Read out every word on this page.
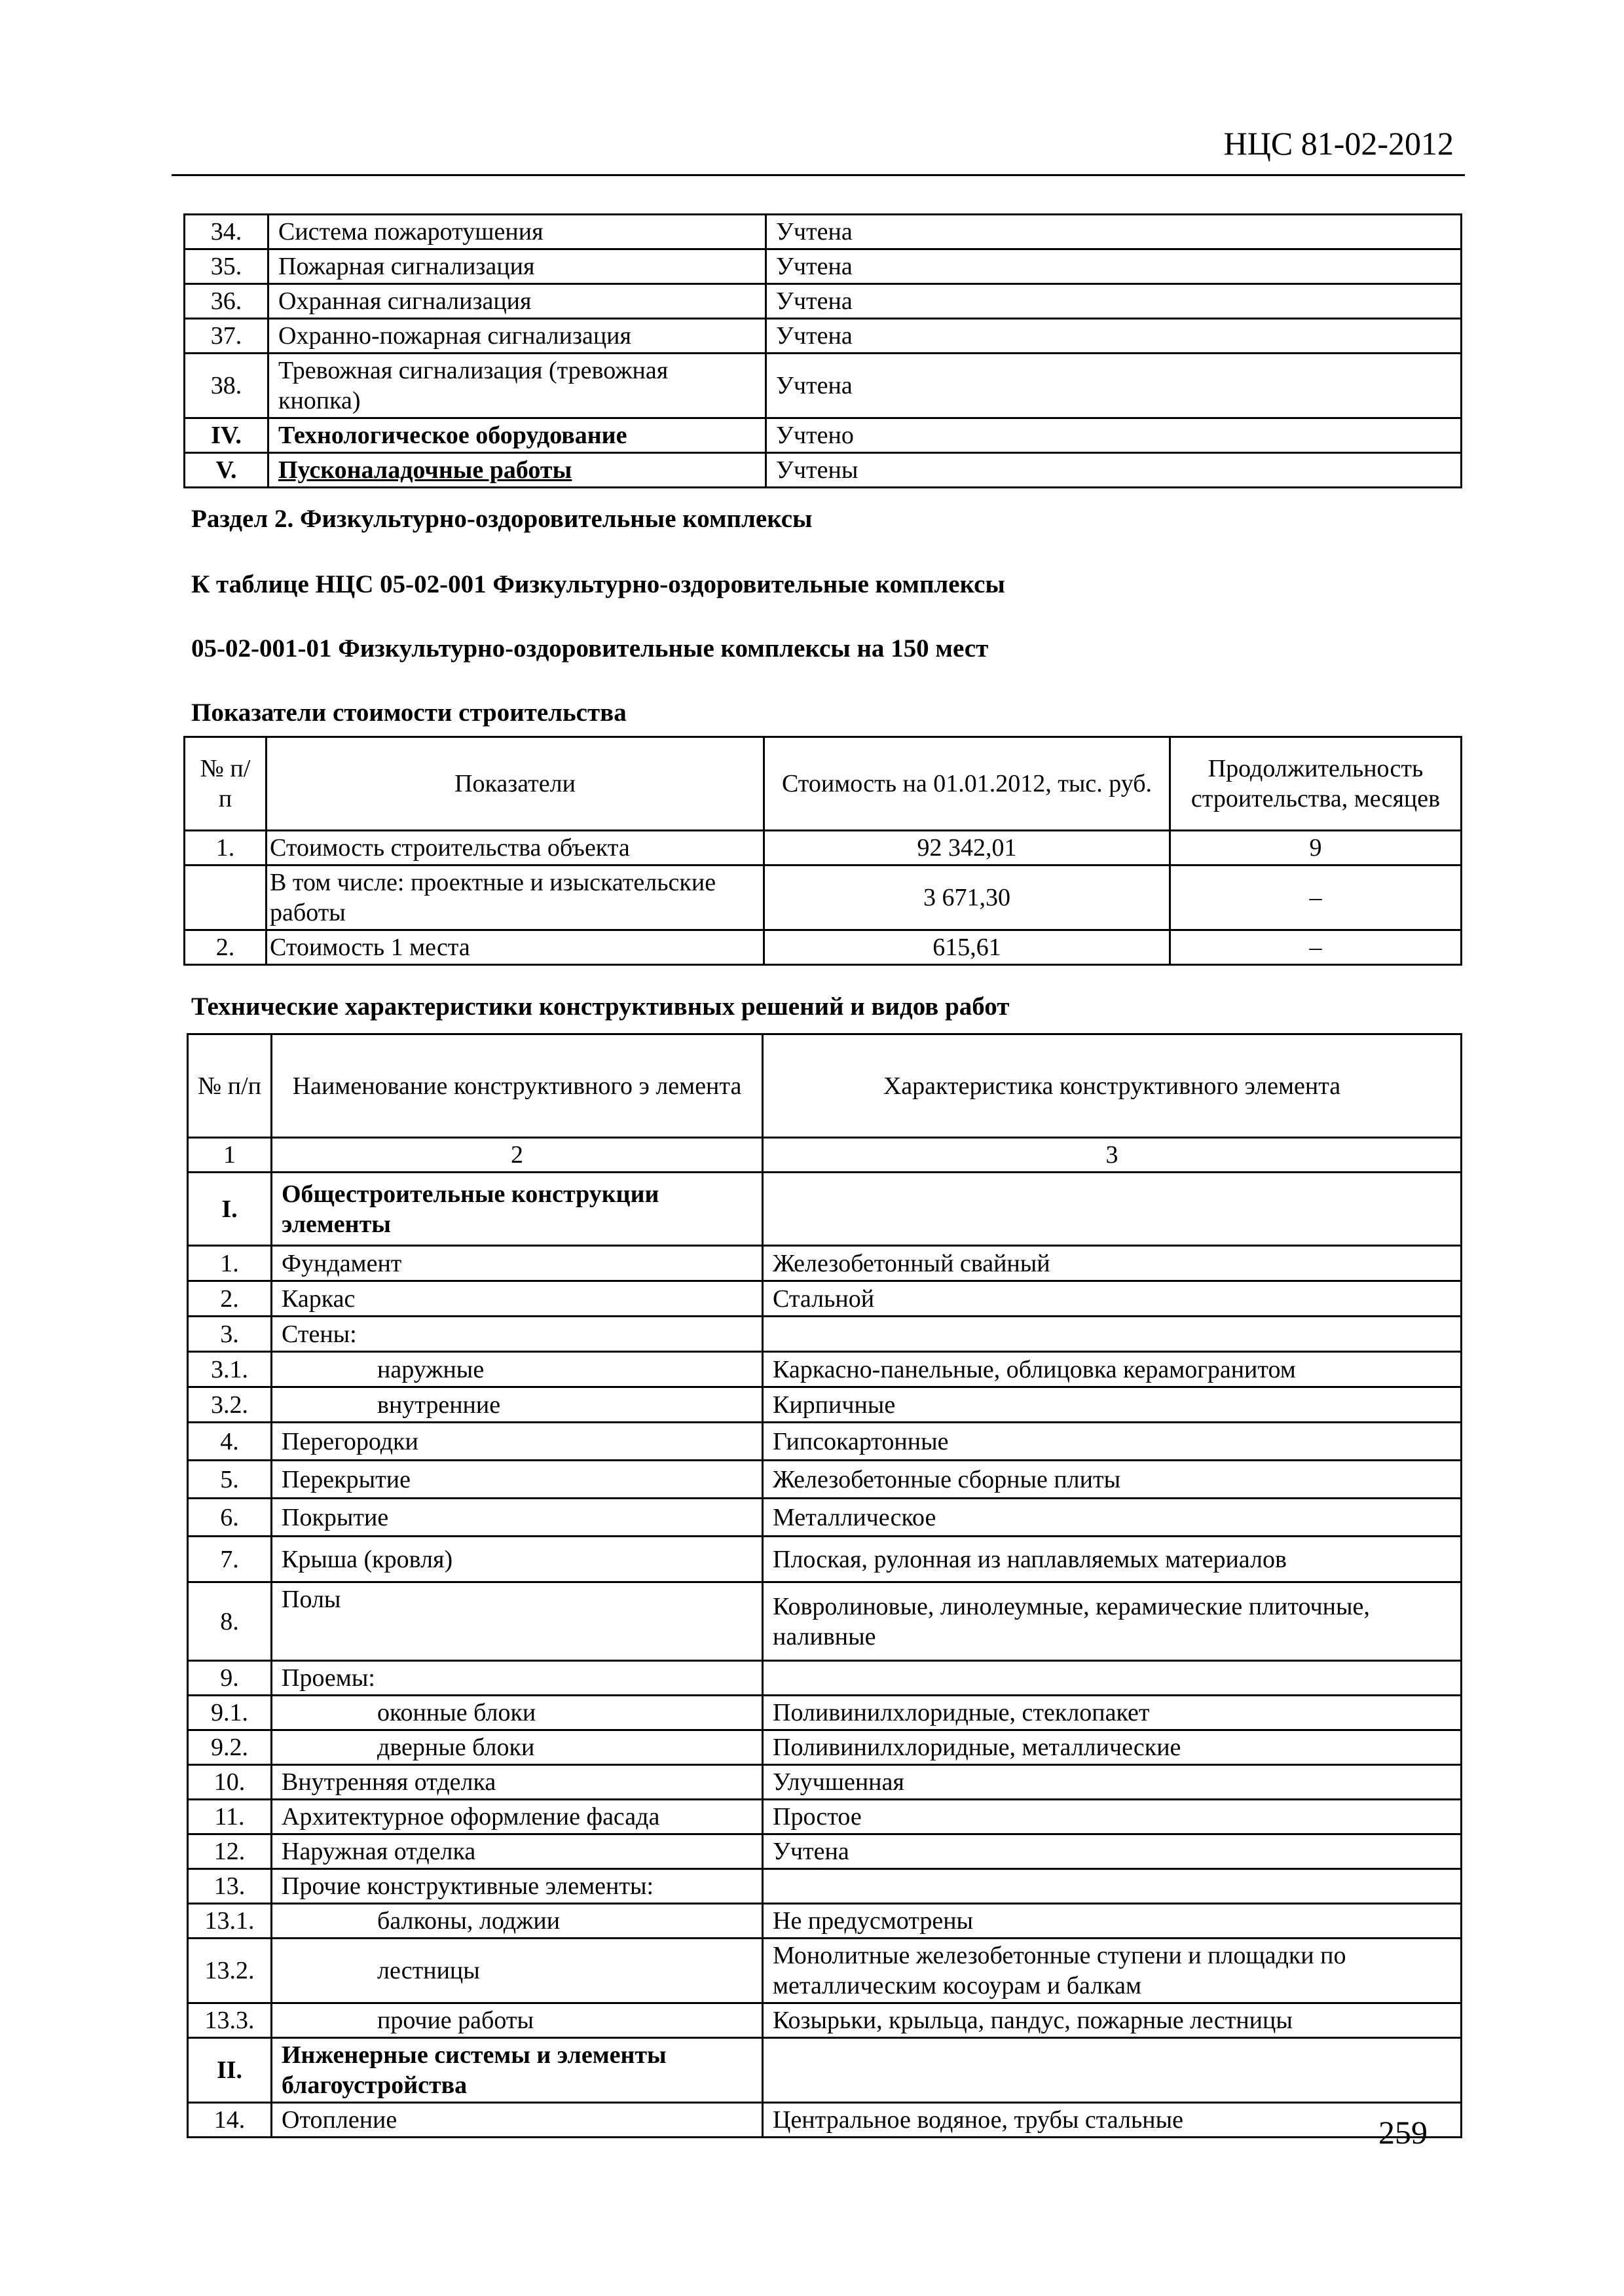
НЦС 81-02-2012
34.	Система пожаротушения	Учтена
35.	Пожарная сигнализация	Учтена
36.	Охранная сигнализация	Учтена
37.	Охранно-пожарная сигнализация	Учтена
38.	Тревожная сигнализация (тревожная кнопка)	Учтена
IV.	Технологическое оборудование	Учтено
V.	Пусконаладочные работы	Учтены
Раздел 2. Физкультурно-оздоровительные комплексы
К таблице НЦС 05-02-001 Физкультурно-оздоровительные комплексы
05-02-001-01 Физкультурно-оздоровительные комплексы на 150 мест
Показатели стоимости строительства
№ п/п	Показатели	Стоимость на 01.01.2012, тыс. руб.	Продолжительность строительства, месяцев
1.	Стоимость строительства объекта	92 342,01	9
	В том числе: проектные и изыскательские работы	3 671,30	–
2.	Стоимость 1 места	615,61	–
Технические характеристики конструктивных решений и видов работ
№ п/п	Наименование конструктивного э лемента	Характеристика конструктивного элемента
1	2	3
I.	Общестроительные конструкции элементы	
1.	Фундамент	Железобетонный свайный
2.	Каркас	Стальной
3.	Стены:	
3.1.	наружные	Каркасно-панельные, облицовка керамогранитом
3.2.	внутренние	Кирпичные
4.	Перегородки	Гипсокартонные
5.	Перекрытие	Железобетонные сборные плиты
6.	Покрытие	Металлическое
7.	Крыша (кровля)	Плоская, рулонная из наплавляемых материалов
8.	Полы	Ковролиновые, линолеумные, керамические плиточные, наливные
9.	Проемы:	
9.1.	оконные блоки	Поливинилхлоридные, стеклопакет
9.2.	дверные блоки	Поливинилхлоридные, металлические
10.	Внутренняя отделка	Улучшенная
11.	Архитектурное оформление фасада	Простое
12.	Наружная отделка	Учтена
13.	Прочие конструктивные элементы:	
13.1.	балконы, лоджии	Не предусмотрены
13.2.	лестницы	Монолитные железобетонные ступени и площадки по металлическим косоурам и балкам
13.3.	прочие работы	Козырьки, крыльца, пандус, пожарные лестницы
II.	Инженерные системы и элементы благоустройства	
14.	Отопление	Центральное водяное, трубы стальные	259
